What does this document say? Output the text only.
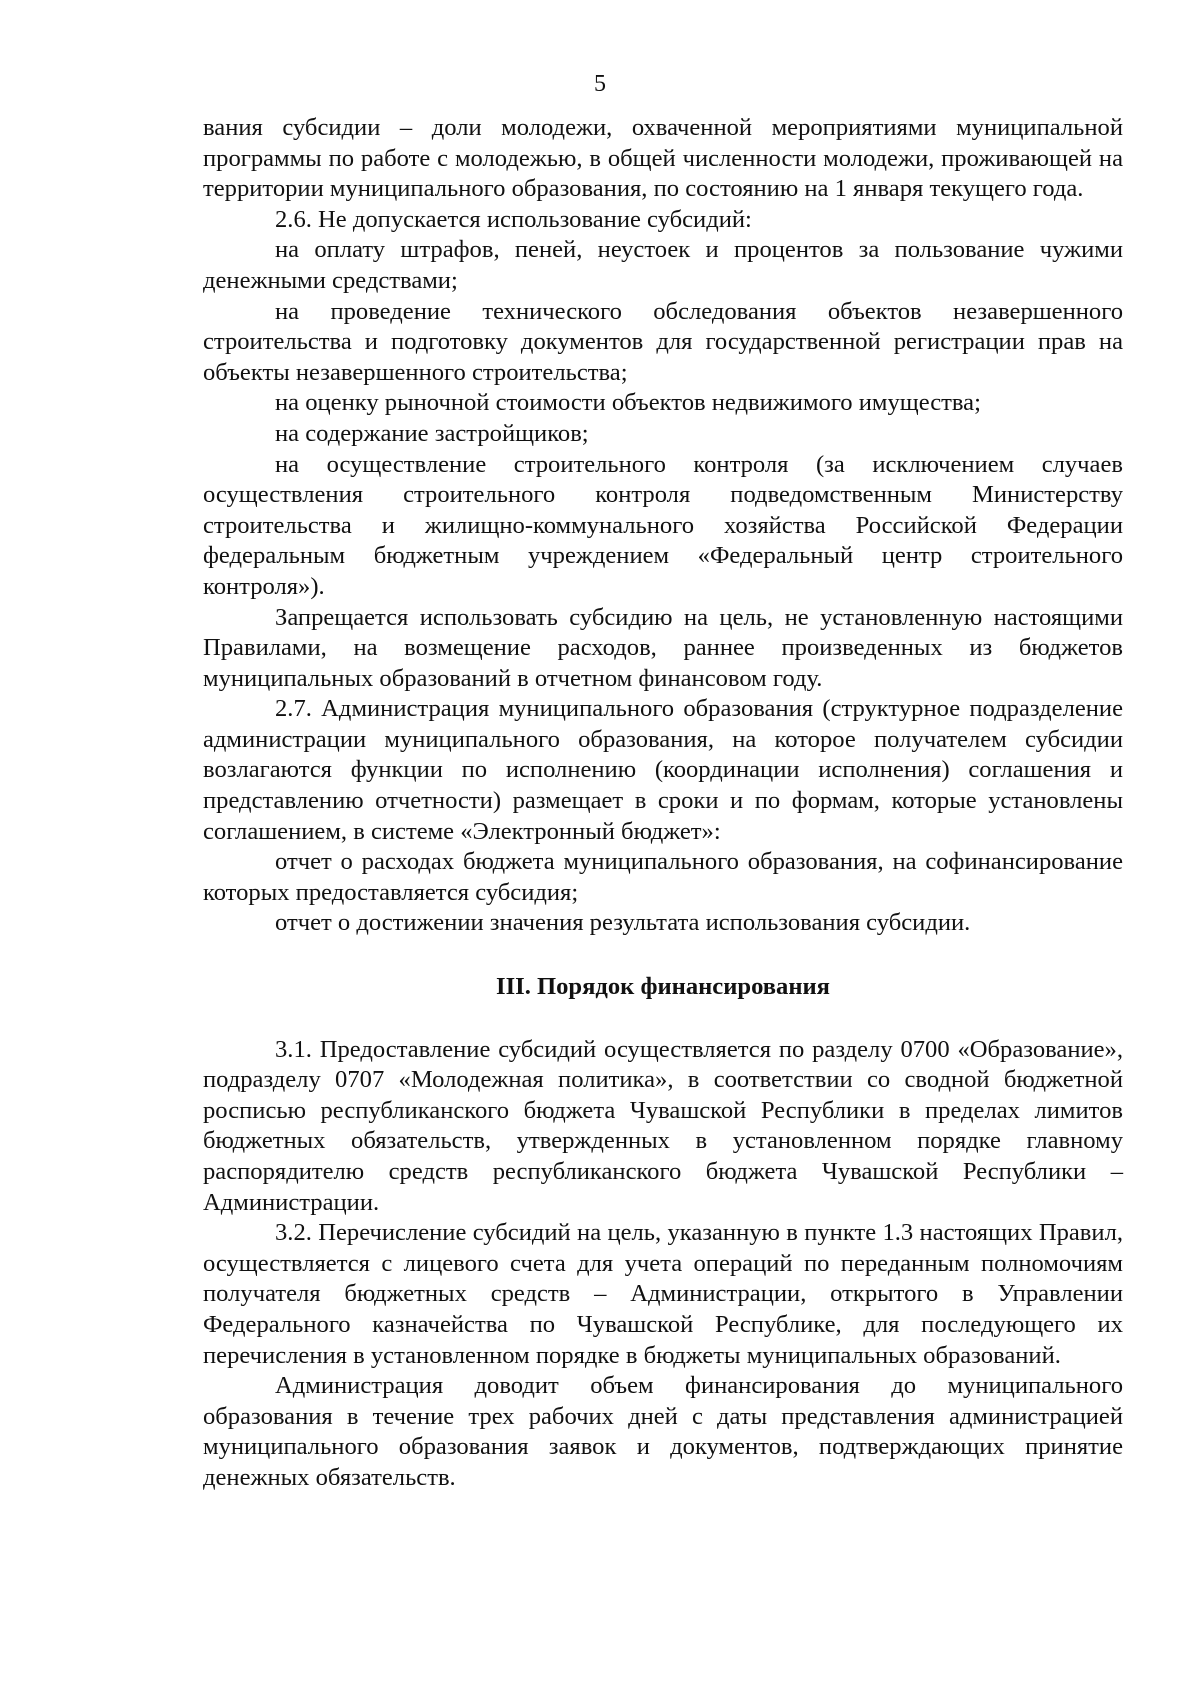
5

вания субсидии – доли молодежи, охваченной мероприятиями муниципальной программы по работе с молодежью, в общей численности молодежи, проживающей на территории муниципального образования, по состоянию на 1 января текущего года.

2.6. Не допускается использование субсидий:

на оплату штрафов, пеней, неустоек и процентов за пользование чужими денежными средствами;

на проведение технического обследования объектов незавершенного строительства и подготовку документов для государственной регистрации прав на объекты незавершенного строительства;

на оценку рыночной стоимости объектов недвижимого имущества;

на содержание застройщиков;

на осуществление строительного контроля (за исключением случаев осуществления строительного контроля подведомственным Министерству строительства и жилищно-коммунального хозяйства Российской Федерации федеральным бюджетным учреждением «Федеральный центр строительного контроля»).

Запрещается использовать субсидию на цель, не установленную настоящими Правилами, на возмещение расходов, раннее произведенных из бюджетов муниципальных образований в отчетном финансовом году.

2.7. Администрация муниципального образования (структурное подразделение администрации муниципального образования, на которое получателем субсидии возлагаются функции по исполнению (координации исполнения) соглашения и представлению отчетности) размещает в сроки и по формам, которые установлены соглашением, в системе «Электронный бюджет»:

отчет о расходах бюджета муниципального образования, на софинансирование которых предоставляется субсидия;

отчет о достижении значения результата использования субсидии.

III. Порядок финансирования

3.1. Предоставление субсидий осуществляется по разделу 0700 «Образование», подразделу 0707 «Молодежная политика», в соответствии со сводной бюджетной росписью республиканского бюджета Чувашской Республики в пределах лимитов бюджетных обязательств, утвержденных в установленном порядке главному распорядителю средств республиканского бюджета Чувашской Республики – Администрации.

3.2. Перечисление субсидий на цель, указанную в пункте 1.3 настоящих Правил, осуществляется с лицевого счета для учета операций по переданным полномочиям получателя бюджетных средств – Администрации, открытого в Управлении Федерального казначейства по Чувашской Республике, для последующего их перечисления в установленном порядке в бюджеты муниципальных образований.

Администрация доводит объем финансирования до муниципального образования в течение трех рабочих дней с даты представления администрацией муниципального образования заявок и документов, подтверждающих принятие денежных обязательств.
